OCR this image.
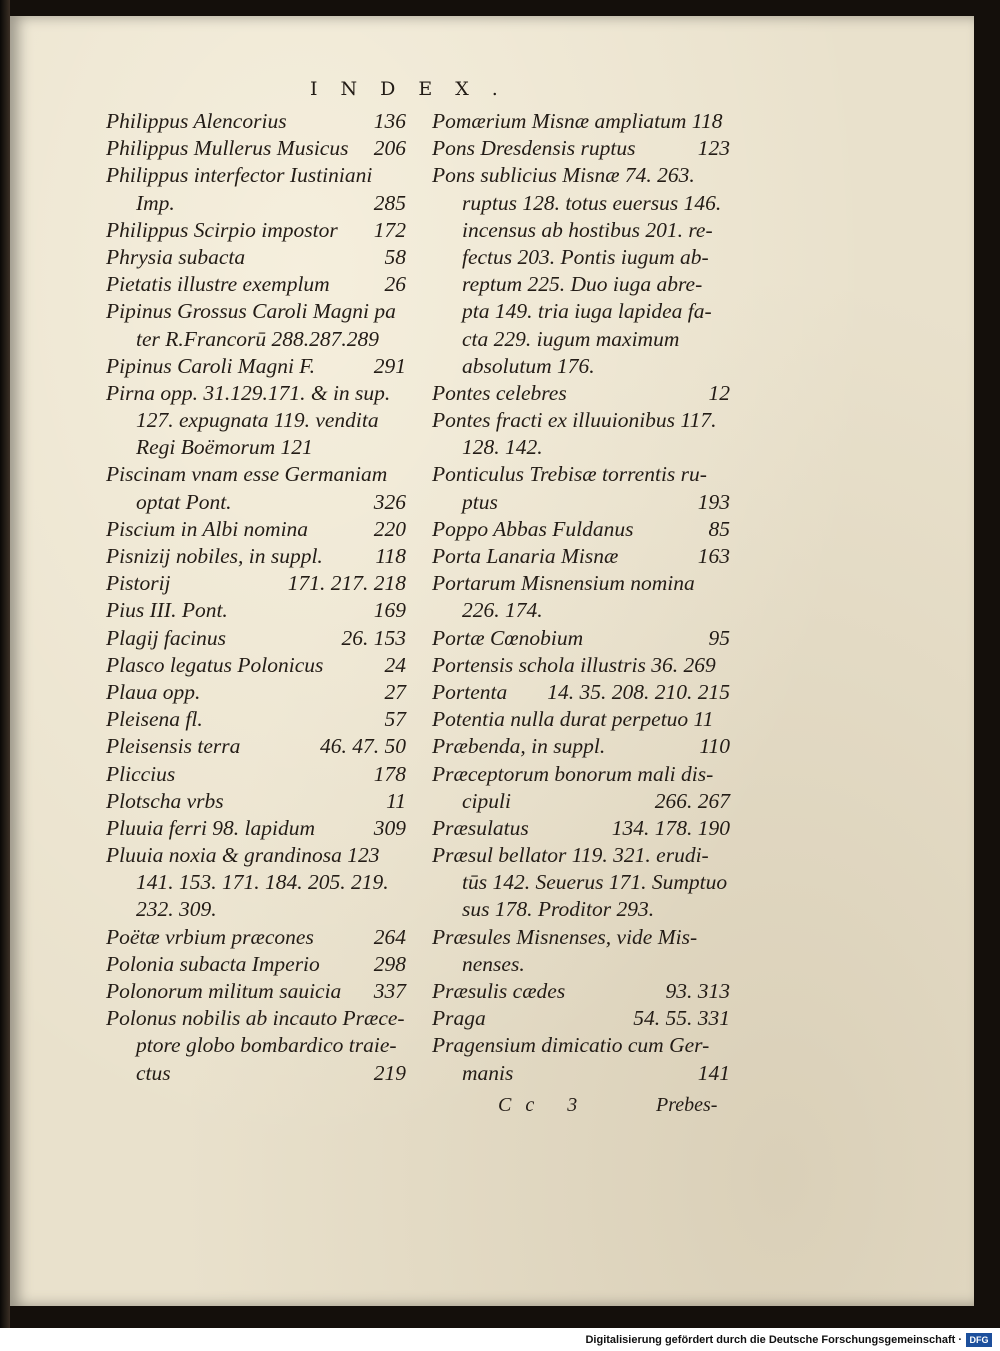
INDEX.
Philippus Alencorius	136
Philippus Mullerus Musicus 206
Philippus interfector Iustiniani
Imp.	285
Philippus Scirpio impostor 172
Phrysia subacta	58
Pietatis illustre exemplum	26
Pipinus Grossus Caroli Magni pa
ter R.Francorū 288.287.289
Pipinus Caroli Magni F.	291
Pirna opp. 31.129.171. & in sup.
127. expugnata 119. vendita
Regi Boëmorum 121
Piscinam vnam esse Germaniam
optat Pont.	326
Piscium in Albi nomina	220
Pisnizij nobiles, in suppl. 118
Pistorij	171. 217. 218
Pius III. Pont.	169
Plagij facinus	26. 153
Plasco legatus Polonicus	24
Plaua opp.	27
Pleisena fl.	57
Pleisensis terra	46. 47. 50
Pliccius	178
Plotscha vrbs	11
Pluuia ferri 98. lapidum	309
Pluuia noxia & grandinosa 123
141. 153. 171. 184. 205. 219.
232. 309.
Poëtæ vrbium præcones	264
Polonia subacta Imperio	298
Polonorum militum sauicia 337
Polonus nobilis ab incauto Præce-
ptore globo bombardico traie-
ctus	219
Pomærium Misnæ ampliatum 118
Pons Dresdensis ruptus	123
Pons sublicius Misnæ 74. 263.
ruptus 128. totus euersus 146.
incensus ab hostibus 201. re-
fectus 203. Pontis iugum ab-
reptum 225. Duo iuga abre-
pta 149. tria iuga lapidea fa-
cta 229. iugum maximum
absolutum 176.
Pontes celebres	12
Pontes fracti ex illuuionibus 117.
128. 142.
Ponticulus Trebisæ torrentis ru-
ptus	193
Poppo Abbas Fuldanus	85
Porta Lanaria Misnæ	163
Portarum Misnensium nomina
226. 174.
Portæ Cœnobium	95
Portensis schola illustris 36. 269
Portenta 14. 35. 208. 210. 215
Potentia nulla durat perpetuo 11
Præbenda, in suppl.	110
Præceptorum bonorum mali dis-
cipuli	266. 267
Præsulatus	134. 178. 190
Præsul bellator 119. 321. erudi-
tūs 142. Seuerus 171. Sumptuo
sus 178. Proditor 293.
Præsules Misnenses, vide Mis-
nenses.
Præsulis cædes	93. 313
Praga	54. 55. 331
Pragensium dimicatio cum Ger-
manis	141
Cc 3	Prebes-
Digitalisierung gefördert durch die Deutsche Forschungsgemeinschaft · DFG
